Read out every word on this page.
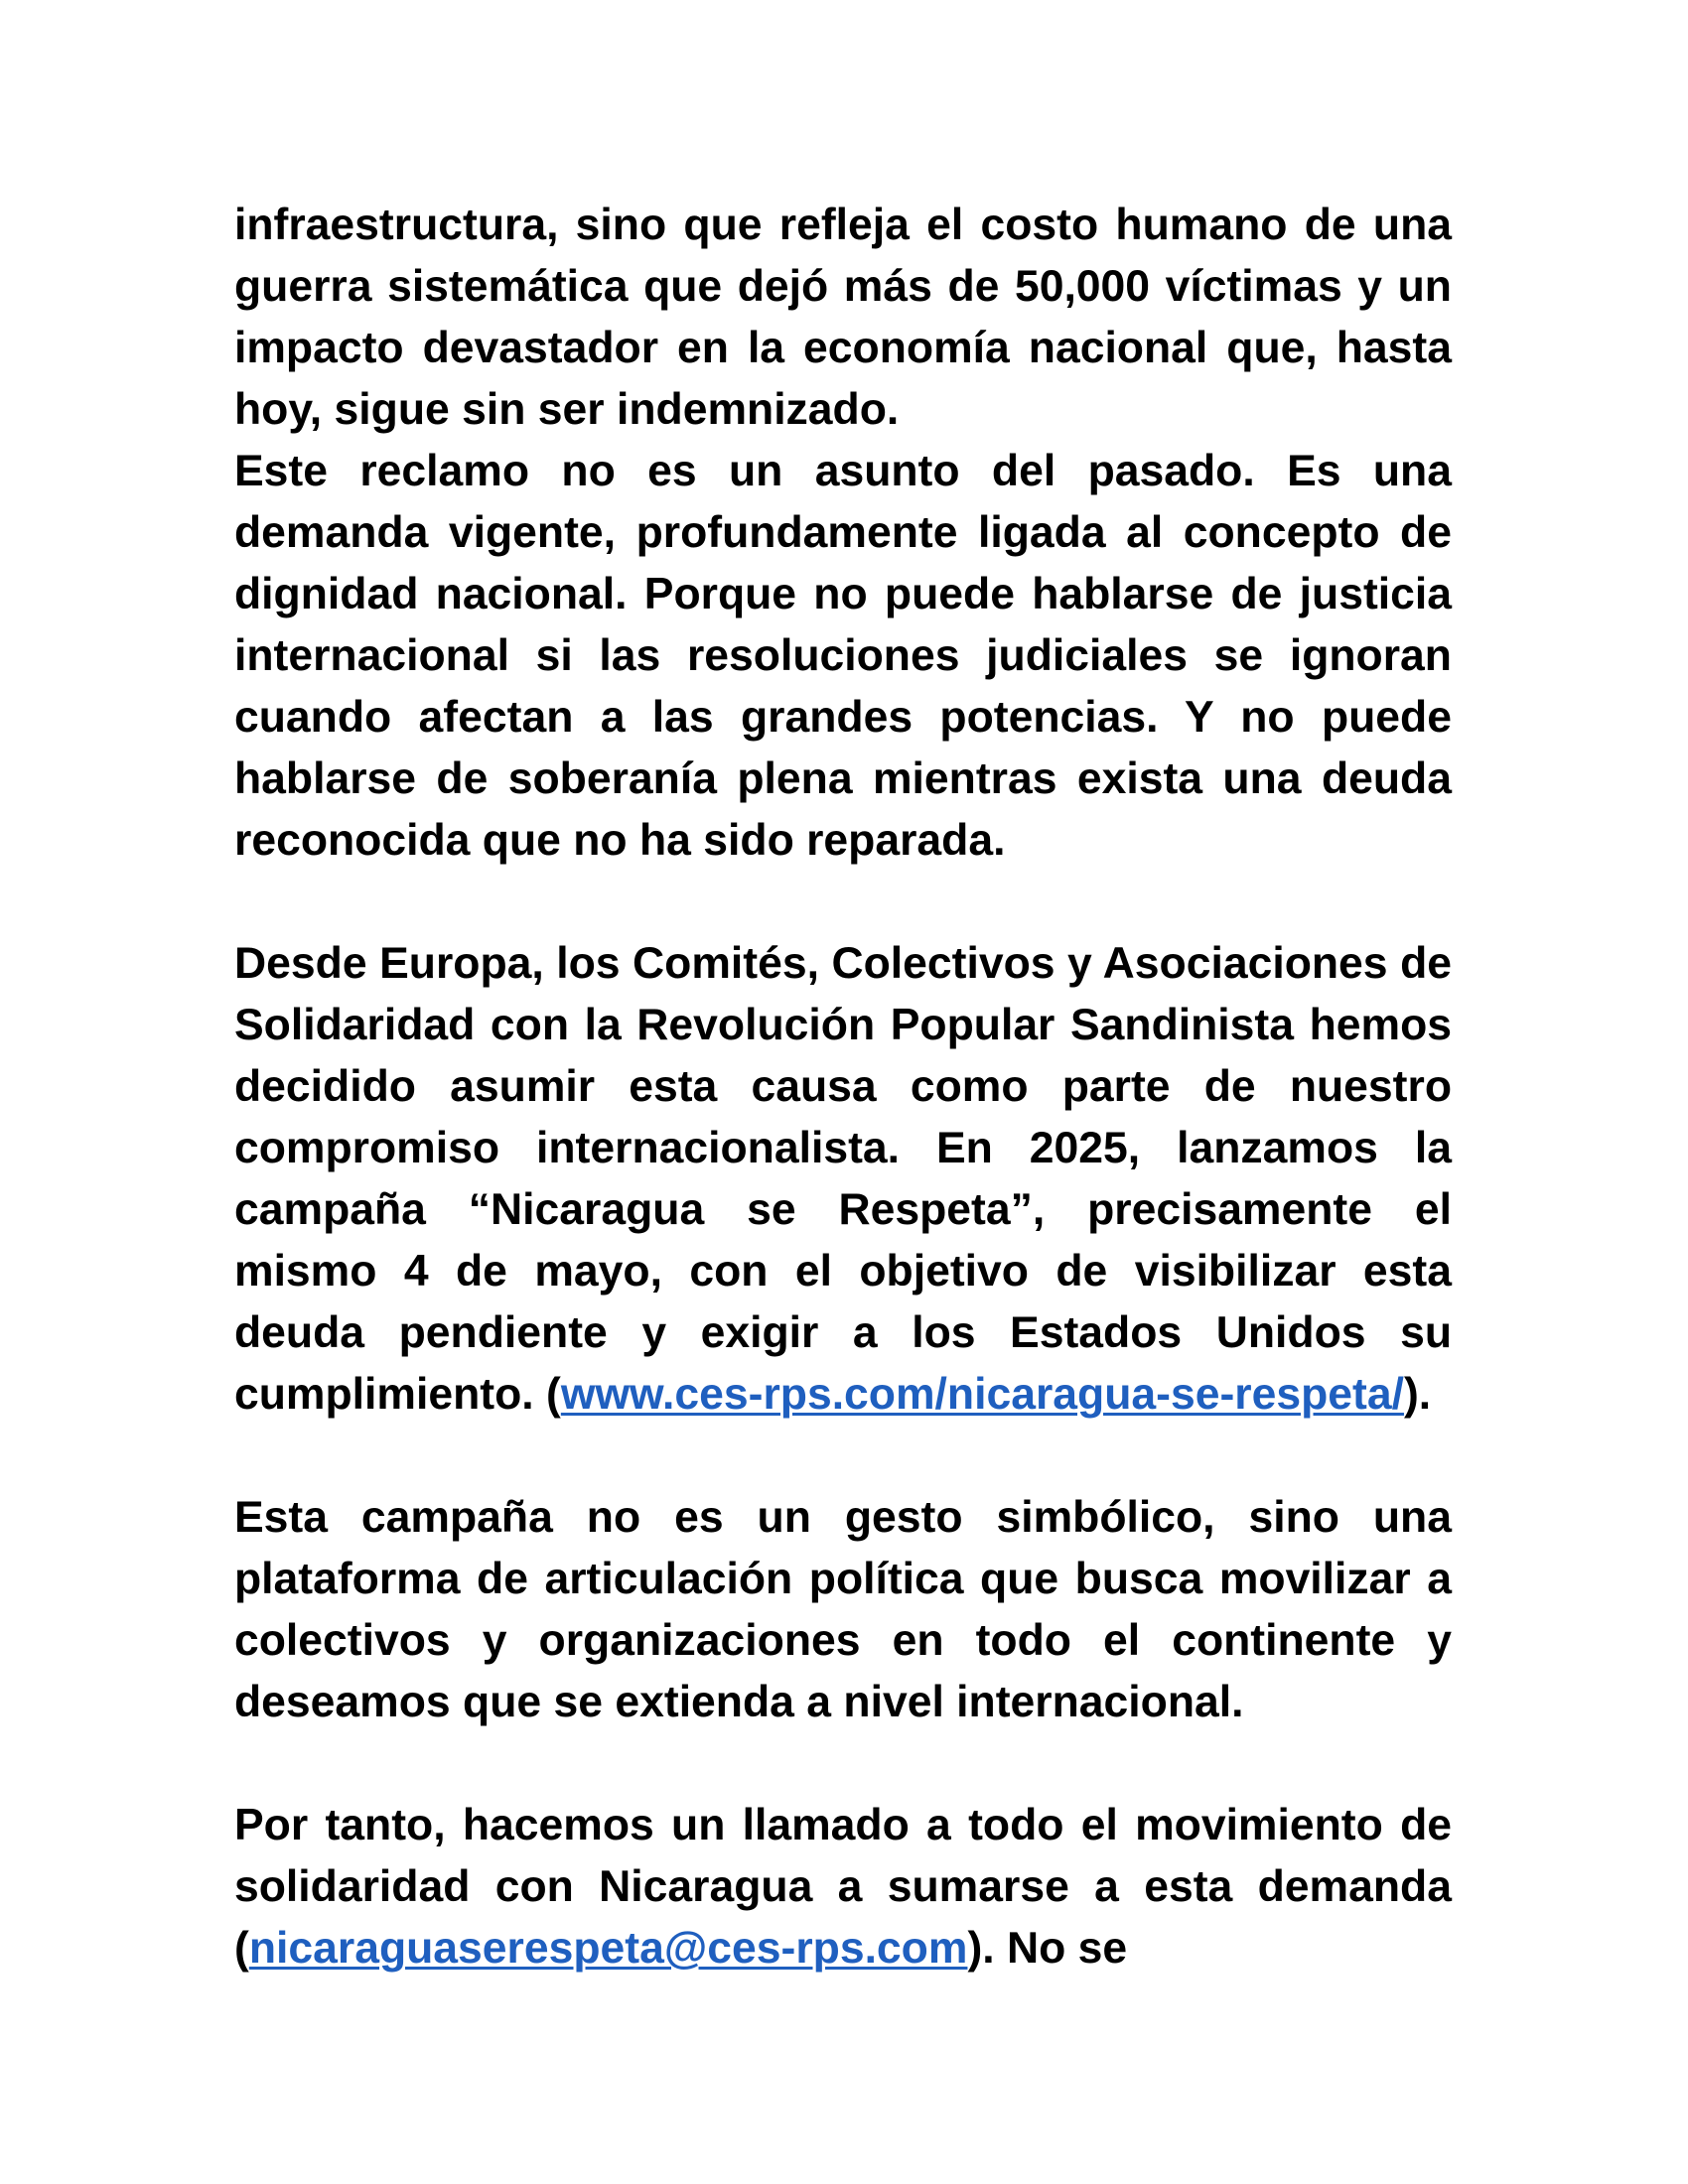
infraestructura, sino que refleja el costo humano de una guerra sistemática que dejó más de 50,000 víctimas y un impacto devastador en la economía nacional que, hasta hoy, sigue sin ser indemnizado.

Este reclamo no es un asunto del pasado. Es una demanda vigente, profundamente ligada al concepto de dignidad nacional. Porque no puede hablarse de justicia internacional si las resoluciones judiciales se ignoran cuando afectan a las grandes potencias. Y no puede hablarse de soberanía plena mientras exista una deuda reconocida que no ha sido reparada.

Desde Europa, los Comités, Colectivos y Asociaciones de Solidaridad con la Revolución Popular Sandinista hemos decidido asumir esta causa como parte de nuestro compromiso internacionalista. En 2025, lanzamos la campaña “Nicaragua se Respeta”, precisamente el mismo 4 de mayo, con el objetivo de visibilizar esta deuda pendiente y exigir a los Estados Unidos su cumplimiento. (www.ces-rps.com/nicaragua-se-respeta/).

Esta campaña no es un gesto simbólico, sino una plataforma de articulación política que busca movilizar a colectivos y organizaciones en todo el continente y deseamos que se extienda a nivel internacional.

Por tanto, hacemos un llamado a todo el movimiento de solidaridad con Nicaragua a sumarse a esta demanda (nicaraguaserespeta@ces-rps.com). No se
